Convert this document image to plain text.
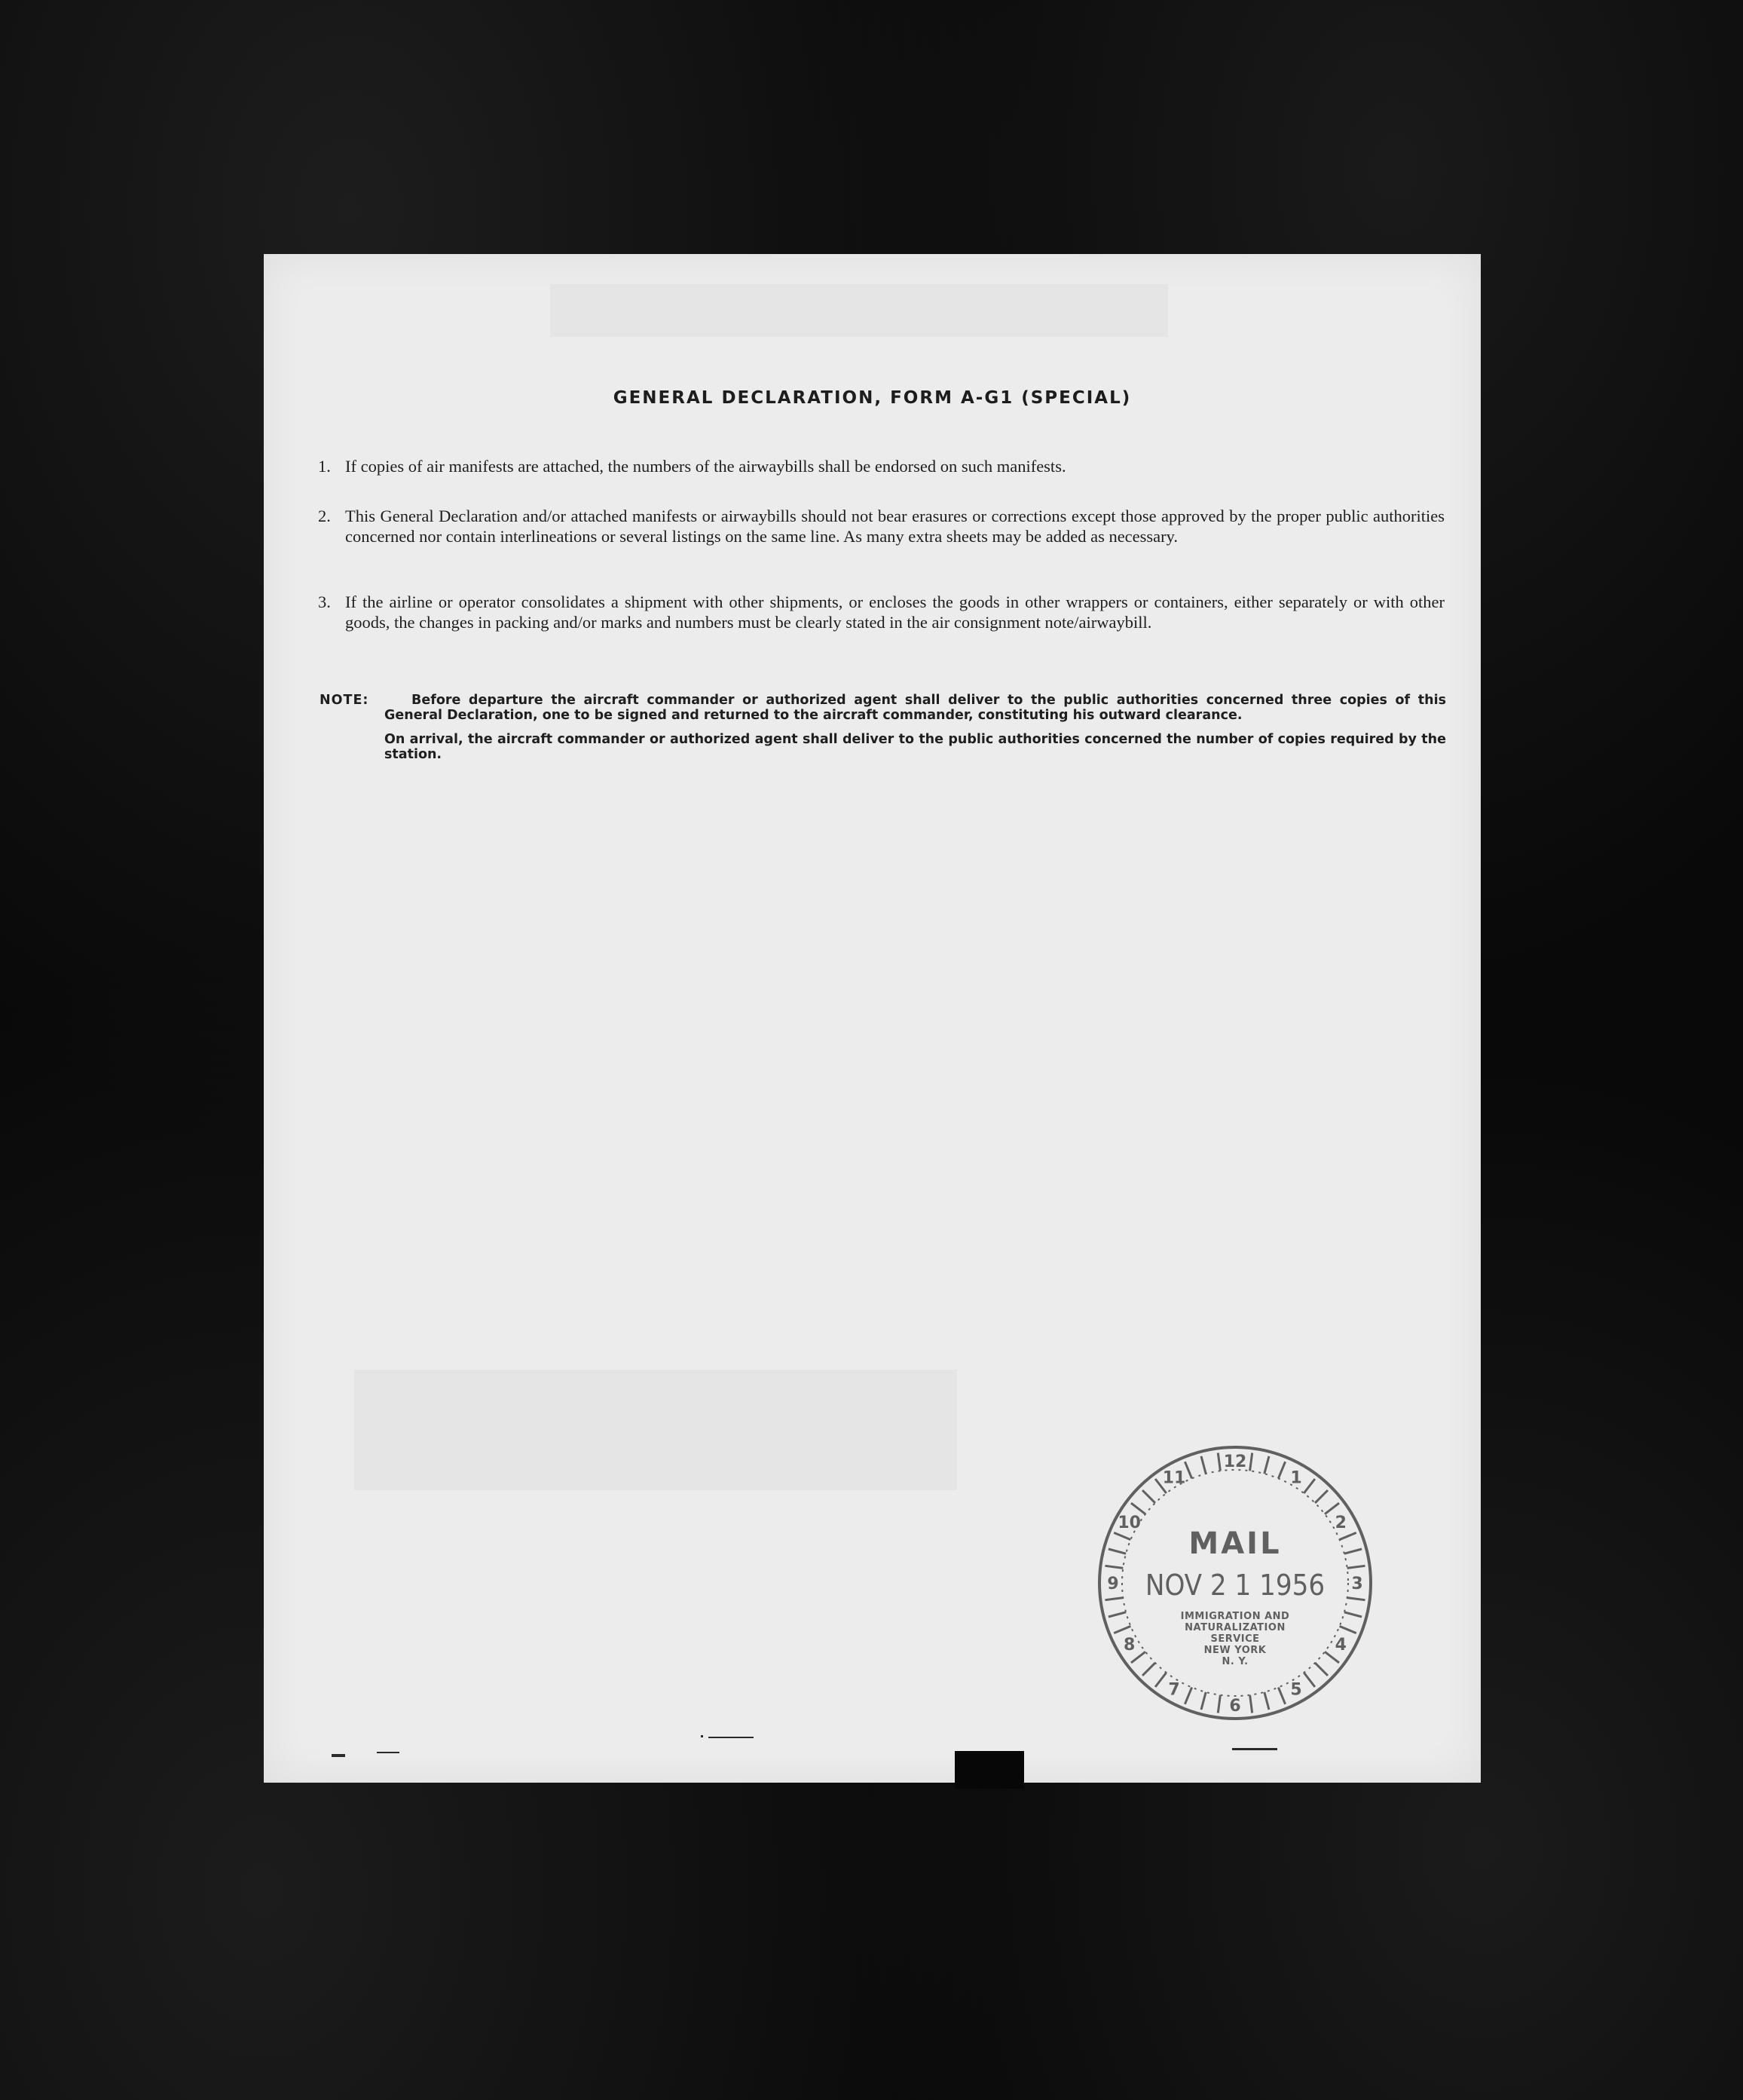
GENERAL DECLARATION, FORM A-G1 (SPECIAL)
1. If copies of air manifests are attached, the numbers of the airwaybills shall be endorsed on such manifests.
2. This General Declaration and/or attached manifests or airwaybills should not bear erasures or corrections except those approved by the proper public authorities concerned nor contain interlineations or several listings on the same line. As many extra sheets may be added as necessary.
3. If the airline or operator consolidates a shipment with other shipments, or encloses the goods in other wrappers or containers, either separately or with other goods, the changes in packing and/or marks and numbers must be clearly stated in the air consignment note/airwaybill.
NOTE:	Before departure the aircraft commander or authorized agent shall deliver to the public authorities concerned three copies of this General Declaration, one to be signed and returned to the aircraft commander, constituting his outward clearance.
On arrival, the aircraft commander or authorized agent shall deliver to the public authorities concerned the number of copies required by the station.
12
1
2
3
4
5
6
7
8
9
10
11
MAIL
NOV 2 1 1956
IMMIGRATION AND
NATURALIZATION
SERVICE
NEW YORK
N. Y.
